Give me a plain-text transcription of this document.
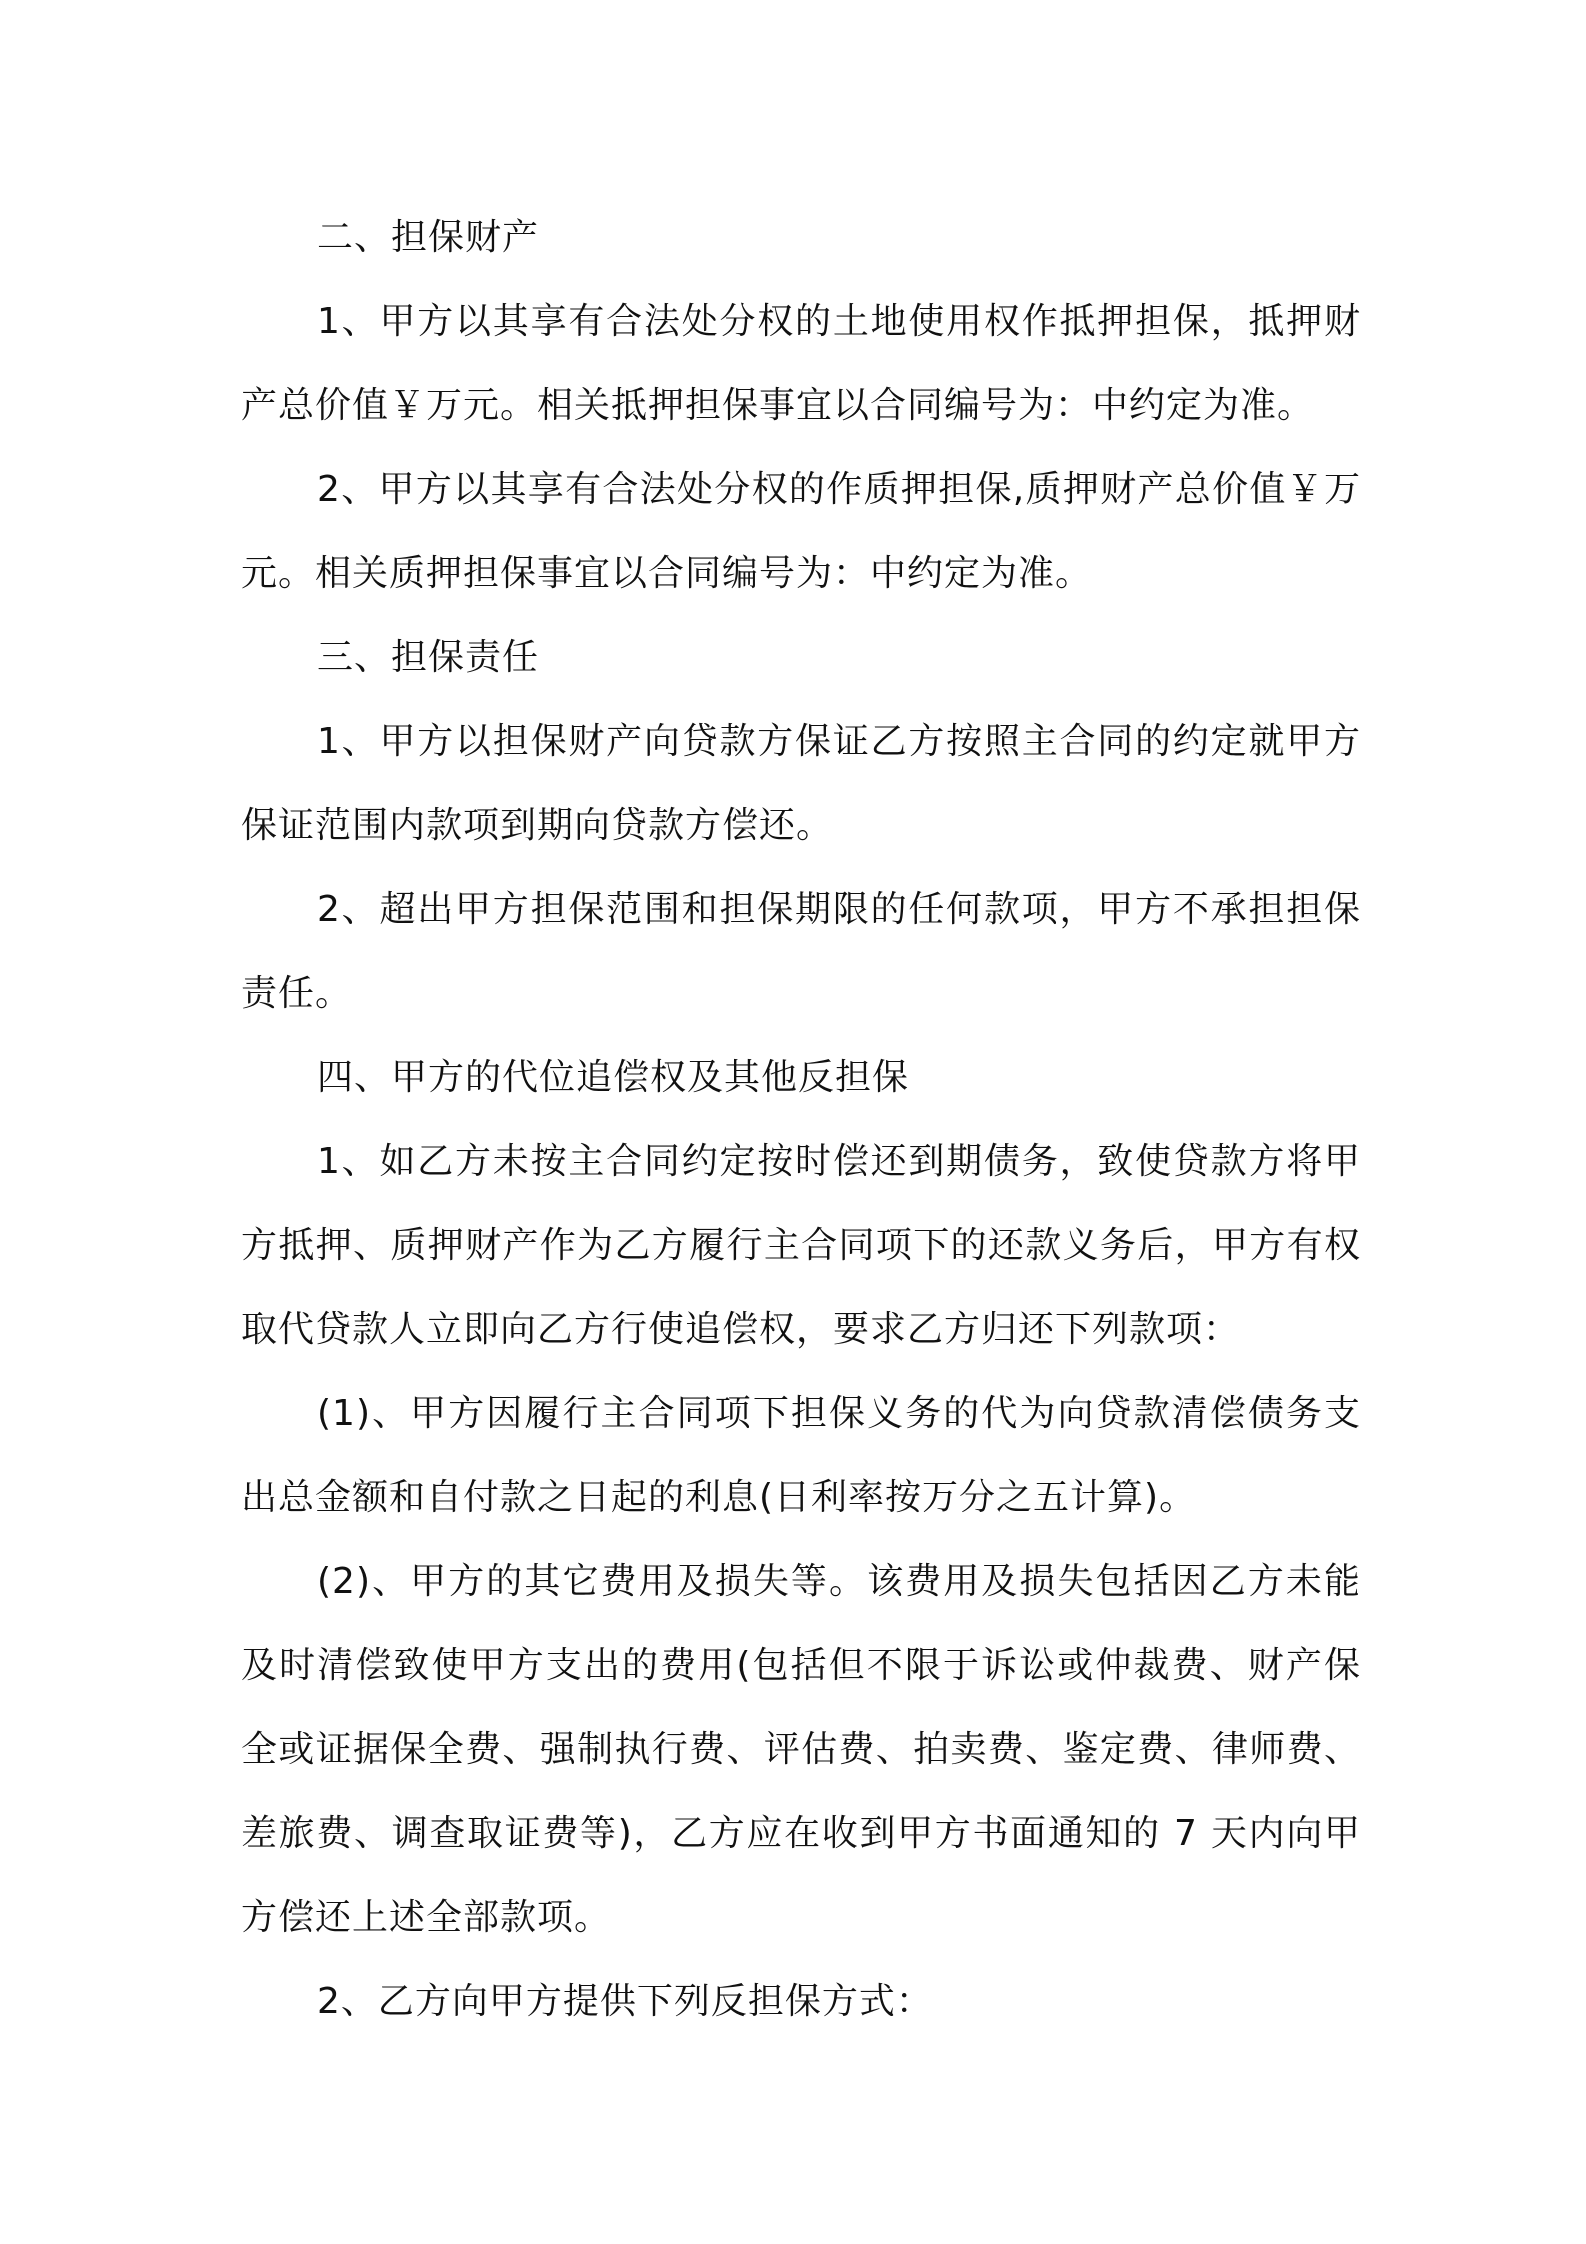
二、担保财产

1、甲方以其享有合法处分权的土地使用权作抵押担保，抵押财产总价值￥万元。相关抵押担保事宜以合同编号为：中约定为准。

2、甲方以其享有合法处分权的作质押担保,质押财产总价值￥万元。相关质押担保事宜以合同编号为：中约定为准。

三、担保责任

1、甲方以担保财产向贷款方保证乙方按照主合同的约定就甲方保证范围内款项到期向贷款方偿还。

2、超出甲方担保范围和担保期限的任何款项，甲方不承担担保责任。

四、甲方的代位追偿权及其他反担保

1、如乙方未按主合同约定按时偿还到期债务，致使贷款方将甲方抵押、质押财产作为乙方履行主合同项下的还款义务后，甲方有权取代贷款人立即向乙方行使追偿权，要求乙方归还下列款项：

(1)、甲方因履行主合同项下担保义务的代为向贷款清偿债务支出总金额和自付款之日起的利息(日利率按万分之五计算)。

(2)、甲方的其它费用及损失等。该费用及损失包括因乙方未能及时清偿致使甲方支出的费用(包括但不限于诉讼或仲裁费、财产保全或证据保全费、强制执行费、评估费、拍卖费、鉴定费、律师费、差旅费、调查取证费等)，乙方应在收到甲方书面通知的 7 天内向甲方偿还上述全部款项。

2、乙方向甲方提供下列反担保方式：
